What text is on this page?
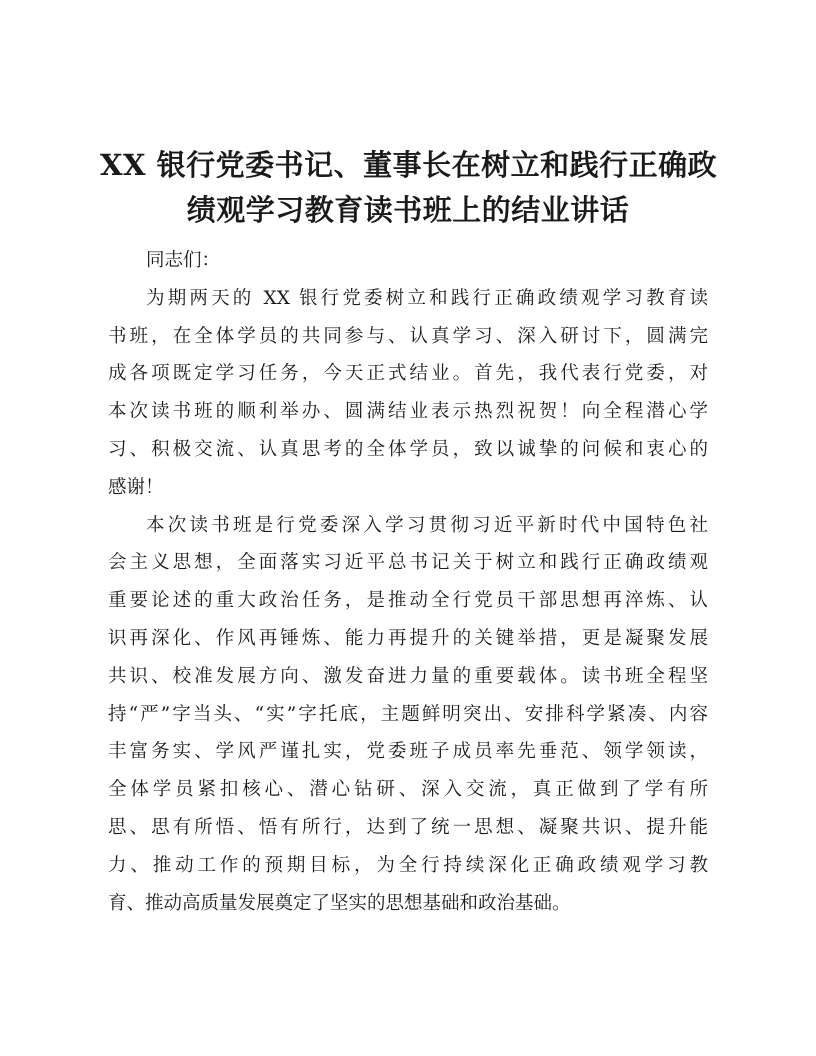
XX 银行党委书记、董事长在树立和践行正确政
绩观学习教育读书班上的结业讲话

同志们：

为期两天的 XX 银行党委树立和践行正确政绩观学习教育读
书班，在全体学员的共同参与、认真学习、深入研讨下，圆满完
成各项既定学习任务，今天正式结业。首先，我代表行党委，对
本次读书班的顺利举办、圆满结业表示热烈祝贺！向全程潜心学
习、积极交流、认真思考的全体学员，致以诚挚的问候和衷心的
感谢！

本次读书班是行党委深入学习贯彻习近平新时代中国特色社
会主义思想，全面落实习近平总书记关于树立和践行正确政绩观
重要论述的重大政治任务，是推动全行党员干部思想再淬炼、认
识再深化、作风再锤炼、能力再提升的关键举措，更是凝聚发展
共识、校准发展方向、激发奋进力量的重要载体。读书班全程坚
持“严”字当头、“实”字托底，主题鲜明突出、安排科学紧凑、内容
丰富务实、学风严谨扎实，党委班子成员率先垂范、领学领读，
全体学员紧扣核心、潜心钻研、深入交流，真正做到了学有所
思、思有所悟、悟有所行，达到了统一思想、凝聚共识、提升能
力、推动工作的预期目标，为全行持续深化正确政绩观学习教
育、推动高质量发展奠定了坚实的思想基础和政治基础。
